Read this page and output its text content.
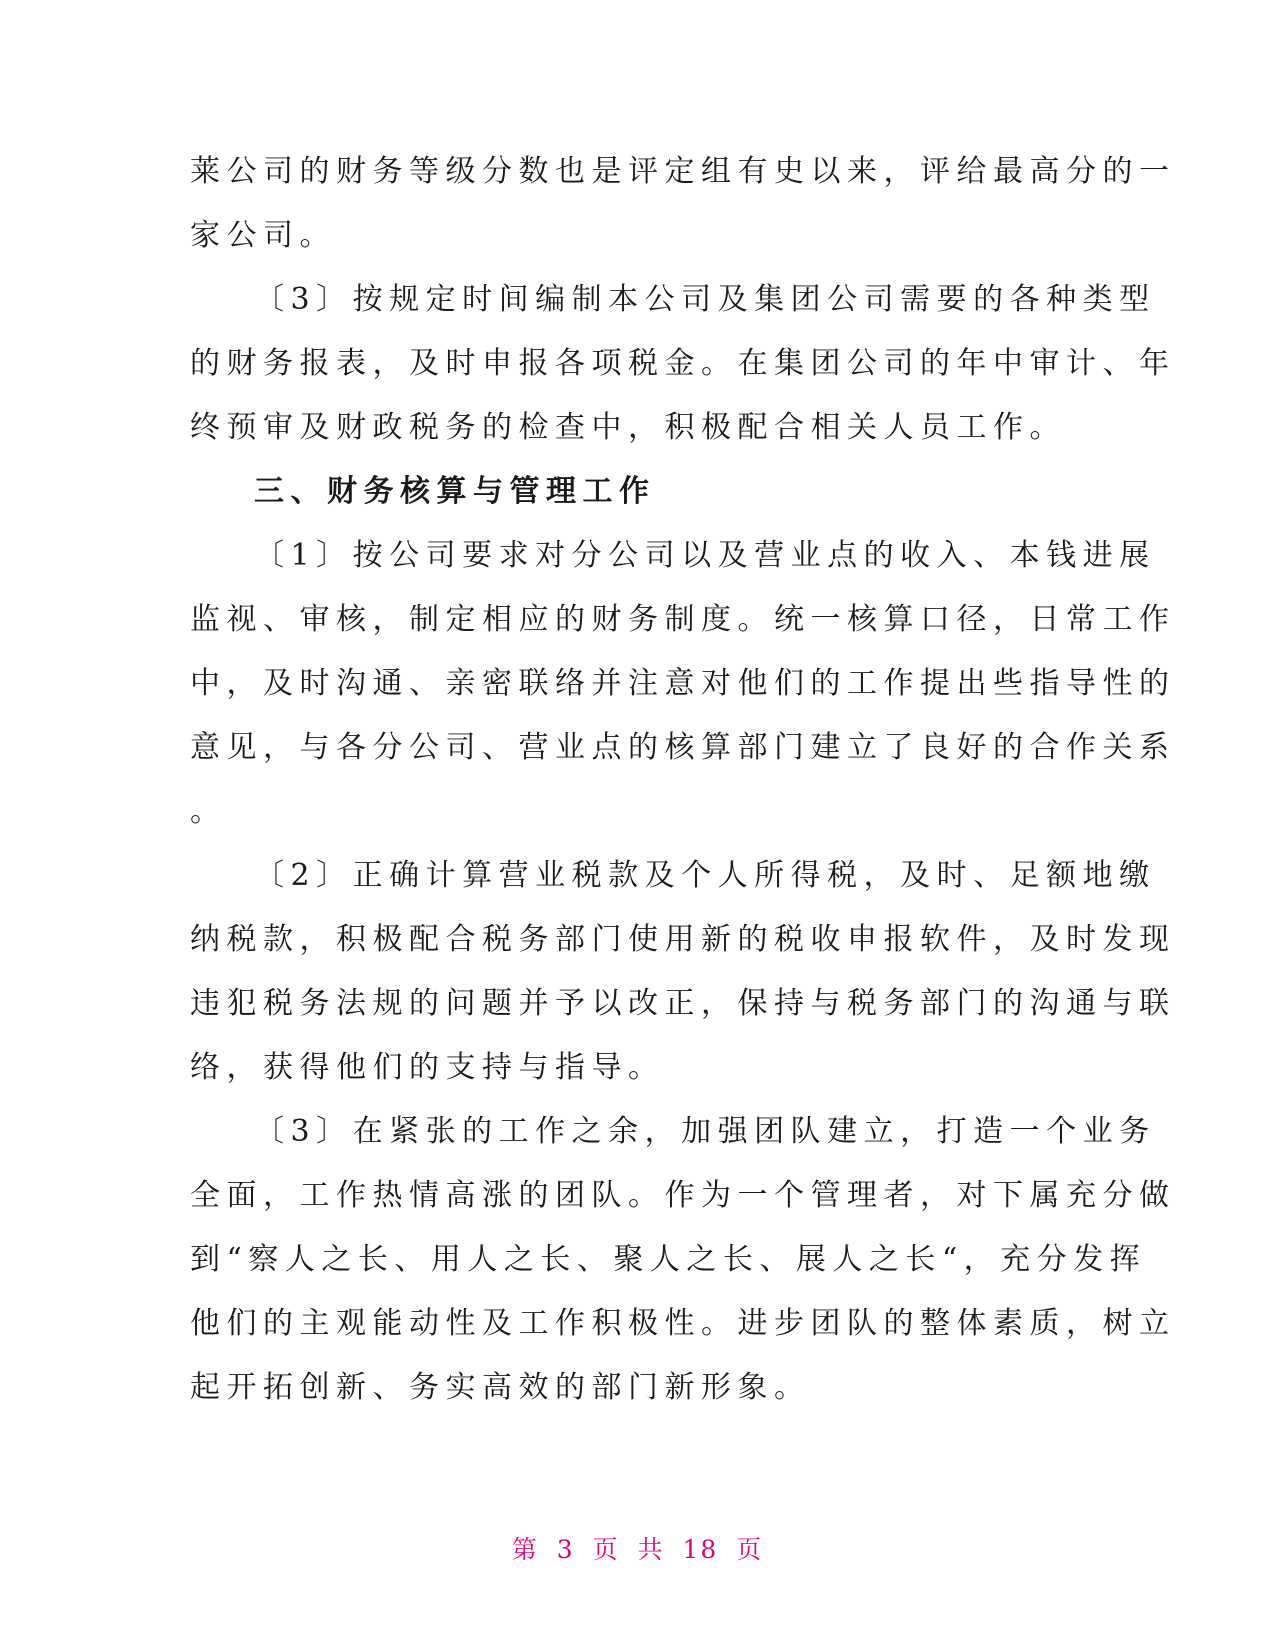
莱公司的财务等级分数也是评定组有史以来，评给最高分的一
家公司。
〔3〕按规定时间编制本公司及集团公司需要的各种类型
的财务报表，及时申报各项税金。在集团公司的年中审计、年
终预审及财政税务的检查中，积极配合相关人员工作。
三、财务核算与管理工作
〔1〕按公司要求对分公司以及营业点的收入、本钱进展
监视、审核，制定相应的财务制度。统一核算口径，日常工作
中，及时沟通、亲密联络并注意对他们的工作提出些指导性的
意见，与各分公司、营业点的核算部门建立了良好的合作关系
。
〔2〕正确计算营业税款及个人所得税，及时、足额地缴
纳税款，积极配合税务部门使用新的税收申报软件，及时发现
违犯税务法规的问题并予以改正，保持与税务部门的沟通与联
络，获得他们的支持与指导。
〔3〕在紧张的工作之余，加强团队建立，打造一个业务
全面，工作热情高涨的团队。作为一个管理者，对下属充分做
到“察人之长、用人之长、聚人之长、展人之长“，充分发挥
他们的主观能动性及工作积极性。进步团队的整体素质，树立
起开拓创新、务实高效的部门新形象。
第 3 页 共 18 页
